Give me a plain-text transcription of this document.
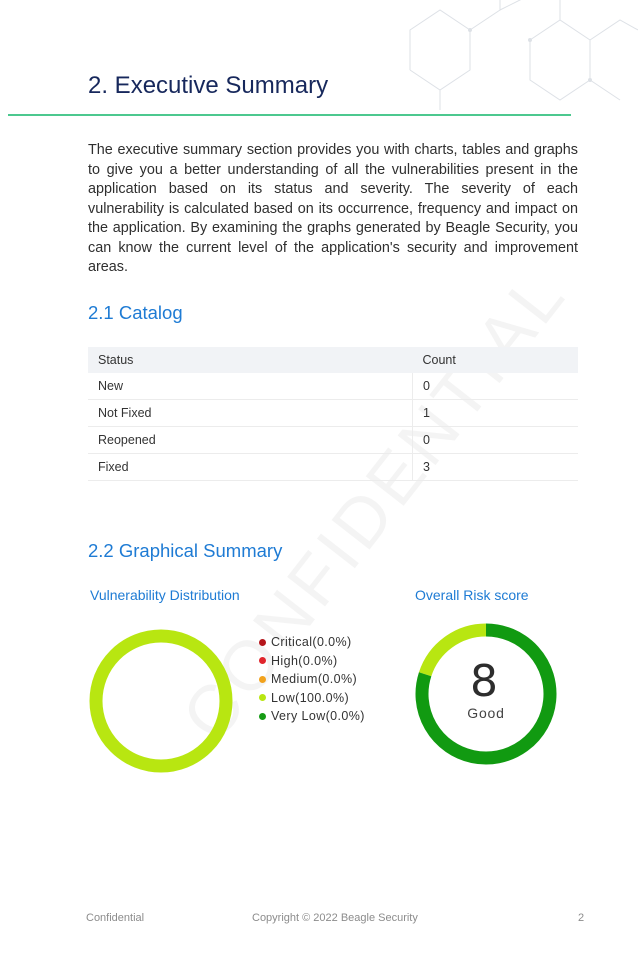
2. Executive Summary

The executive summary section provides you with charts, tables and graphs to give you a better understanding of all the vulnerabilities present in the application based on its status and severity. The severity of each vulnerability is calculated based on its occurrence, frequency and impact on the application. By examining the graphs generated by Beagle Security, you can know the current level of the application's security and improvement areas.

2.1 Catalog
Status	Count
New	0
Not Fixed	1
Reopened	0
Fixed	3
2.2 Graphical Summary
Vulnerability Distribution	Overall Risk score
Critical(0.0%)
High(0.0%)
Medium(0.0%)
Low(100.0%)
Very Low(0.0%)
8
Good
Confidential	Copyright © 2022 Beagle Security	2
